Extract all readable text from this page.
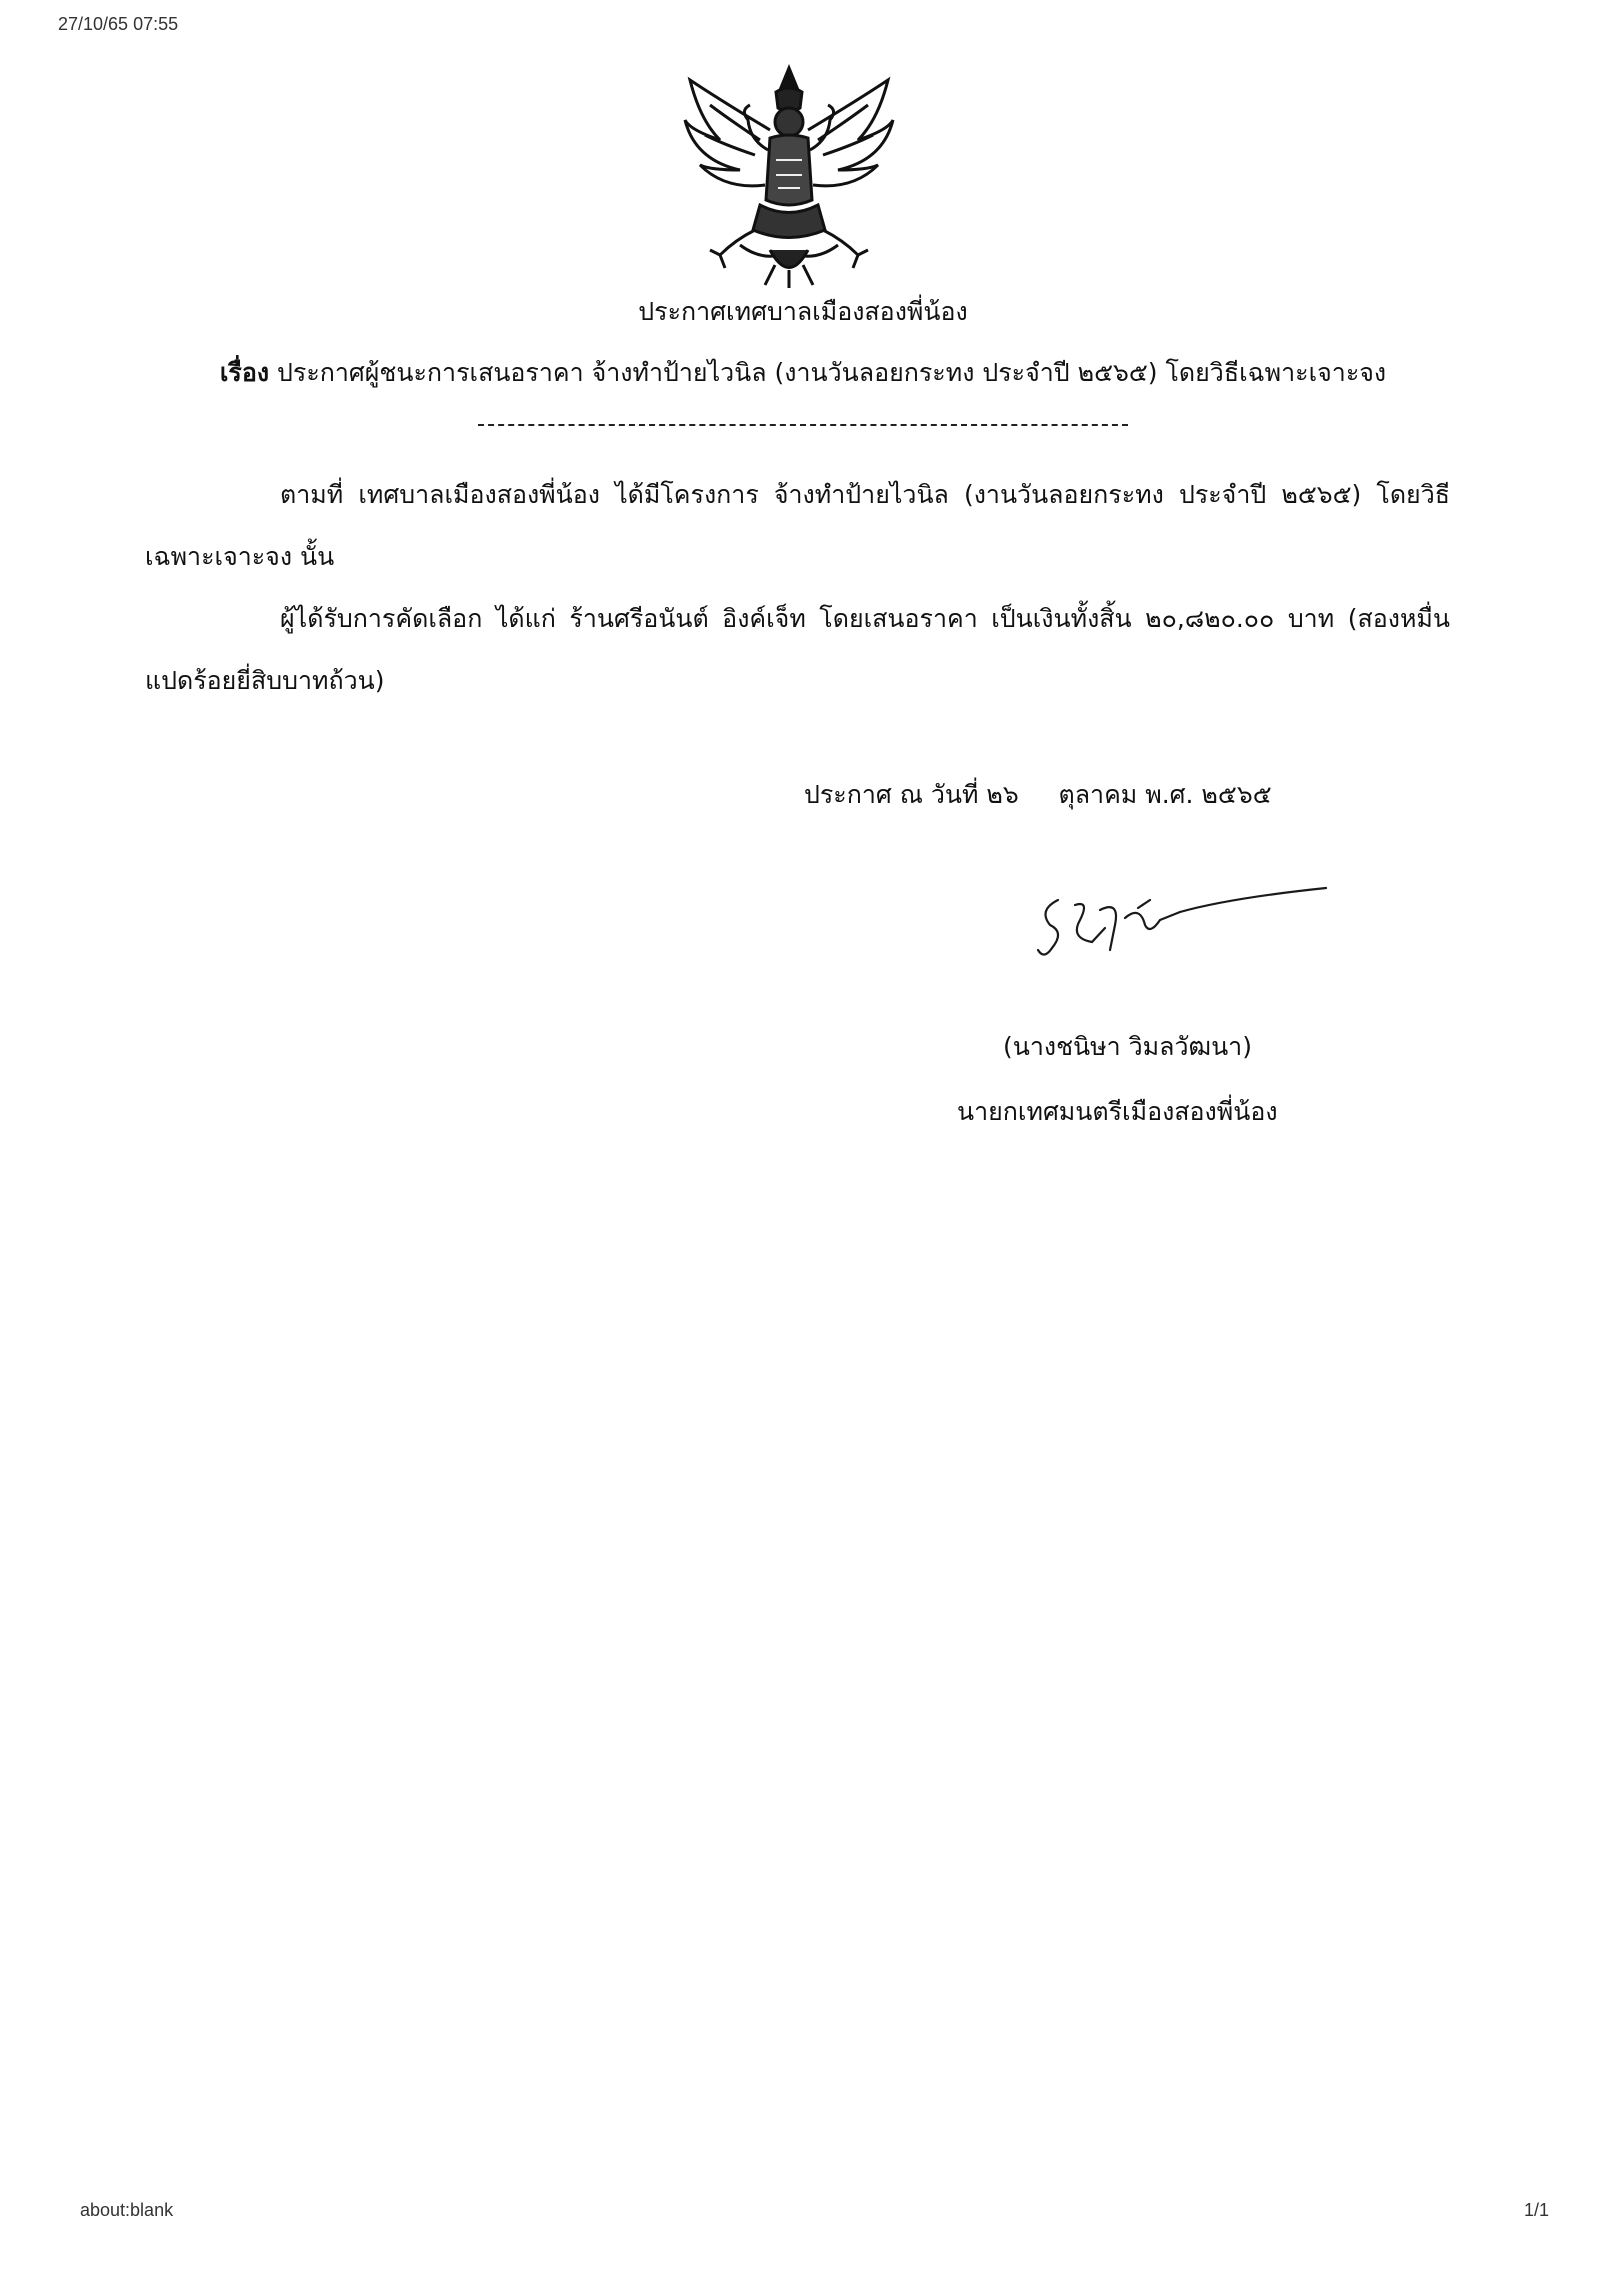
27/10/65 07:55
ประกาศเทศบาลเมืองสองพี่น้อง
เรื่อง ประกาศผู้ชนะการเสนอราคา จ้างทำป้ายไวนิล (งานวันลอยกระทง ประจำปี ๒๕๖๕) โดยวิธีเฉพาะเจาะจง
ตามที่ เทศบาลเมืองสองพี่น้อง ได้มีโครงการ จ้างทำป้ายไวนิล (งานวันลอยกระทง ประจำปี ๒๕๖๕) โดยวิธีเฉพาะเจาะจง นั้น
ผู้ได้รับการคัดเลือก ได้แก่ ร้านศรีอนันต์ อิงค์เจ็ท โดยเสนอราคา เป็นเงินทั้งสิ้น ๒๐,๘๒๐.๐๐ บาท (สองหมื่นแปดร้อยยี่สิบบาทถ้วน)
ประกาศ ณ วันที่ ๒๖     ตุลาคม พ.ศ. ๒๕๖๕
(นางชนิษา วิมลวัฒนา)
นายกเทศมนตรีเมืองสองพี่น้อง
about:blank	1/1
